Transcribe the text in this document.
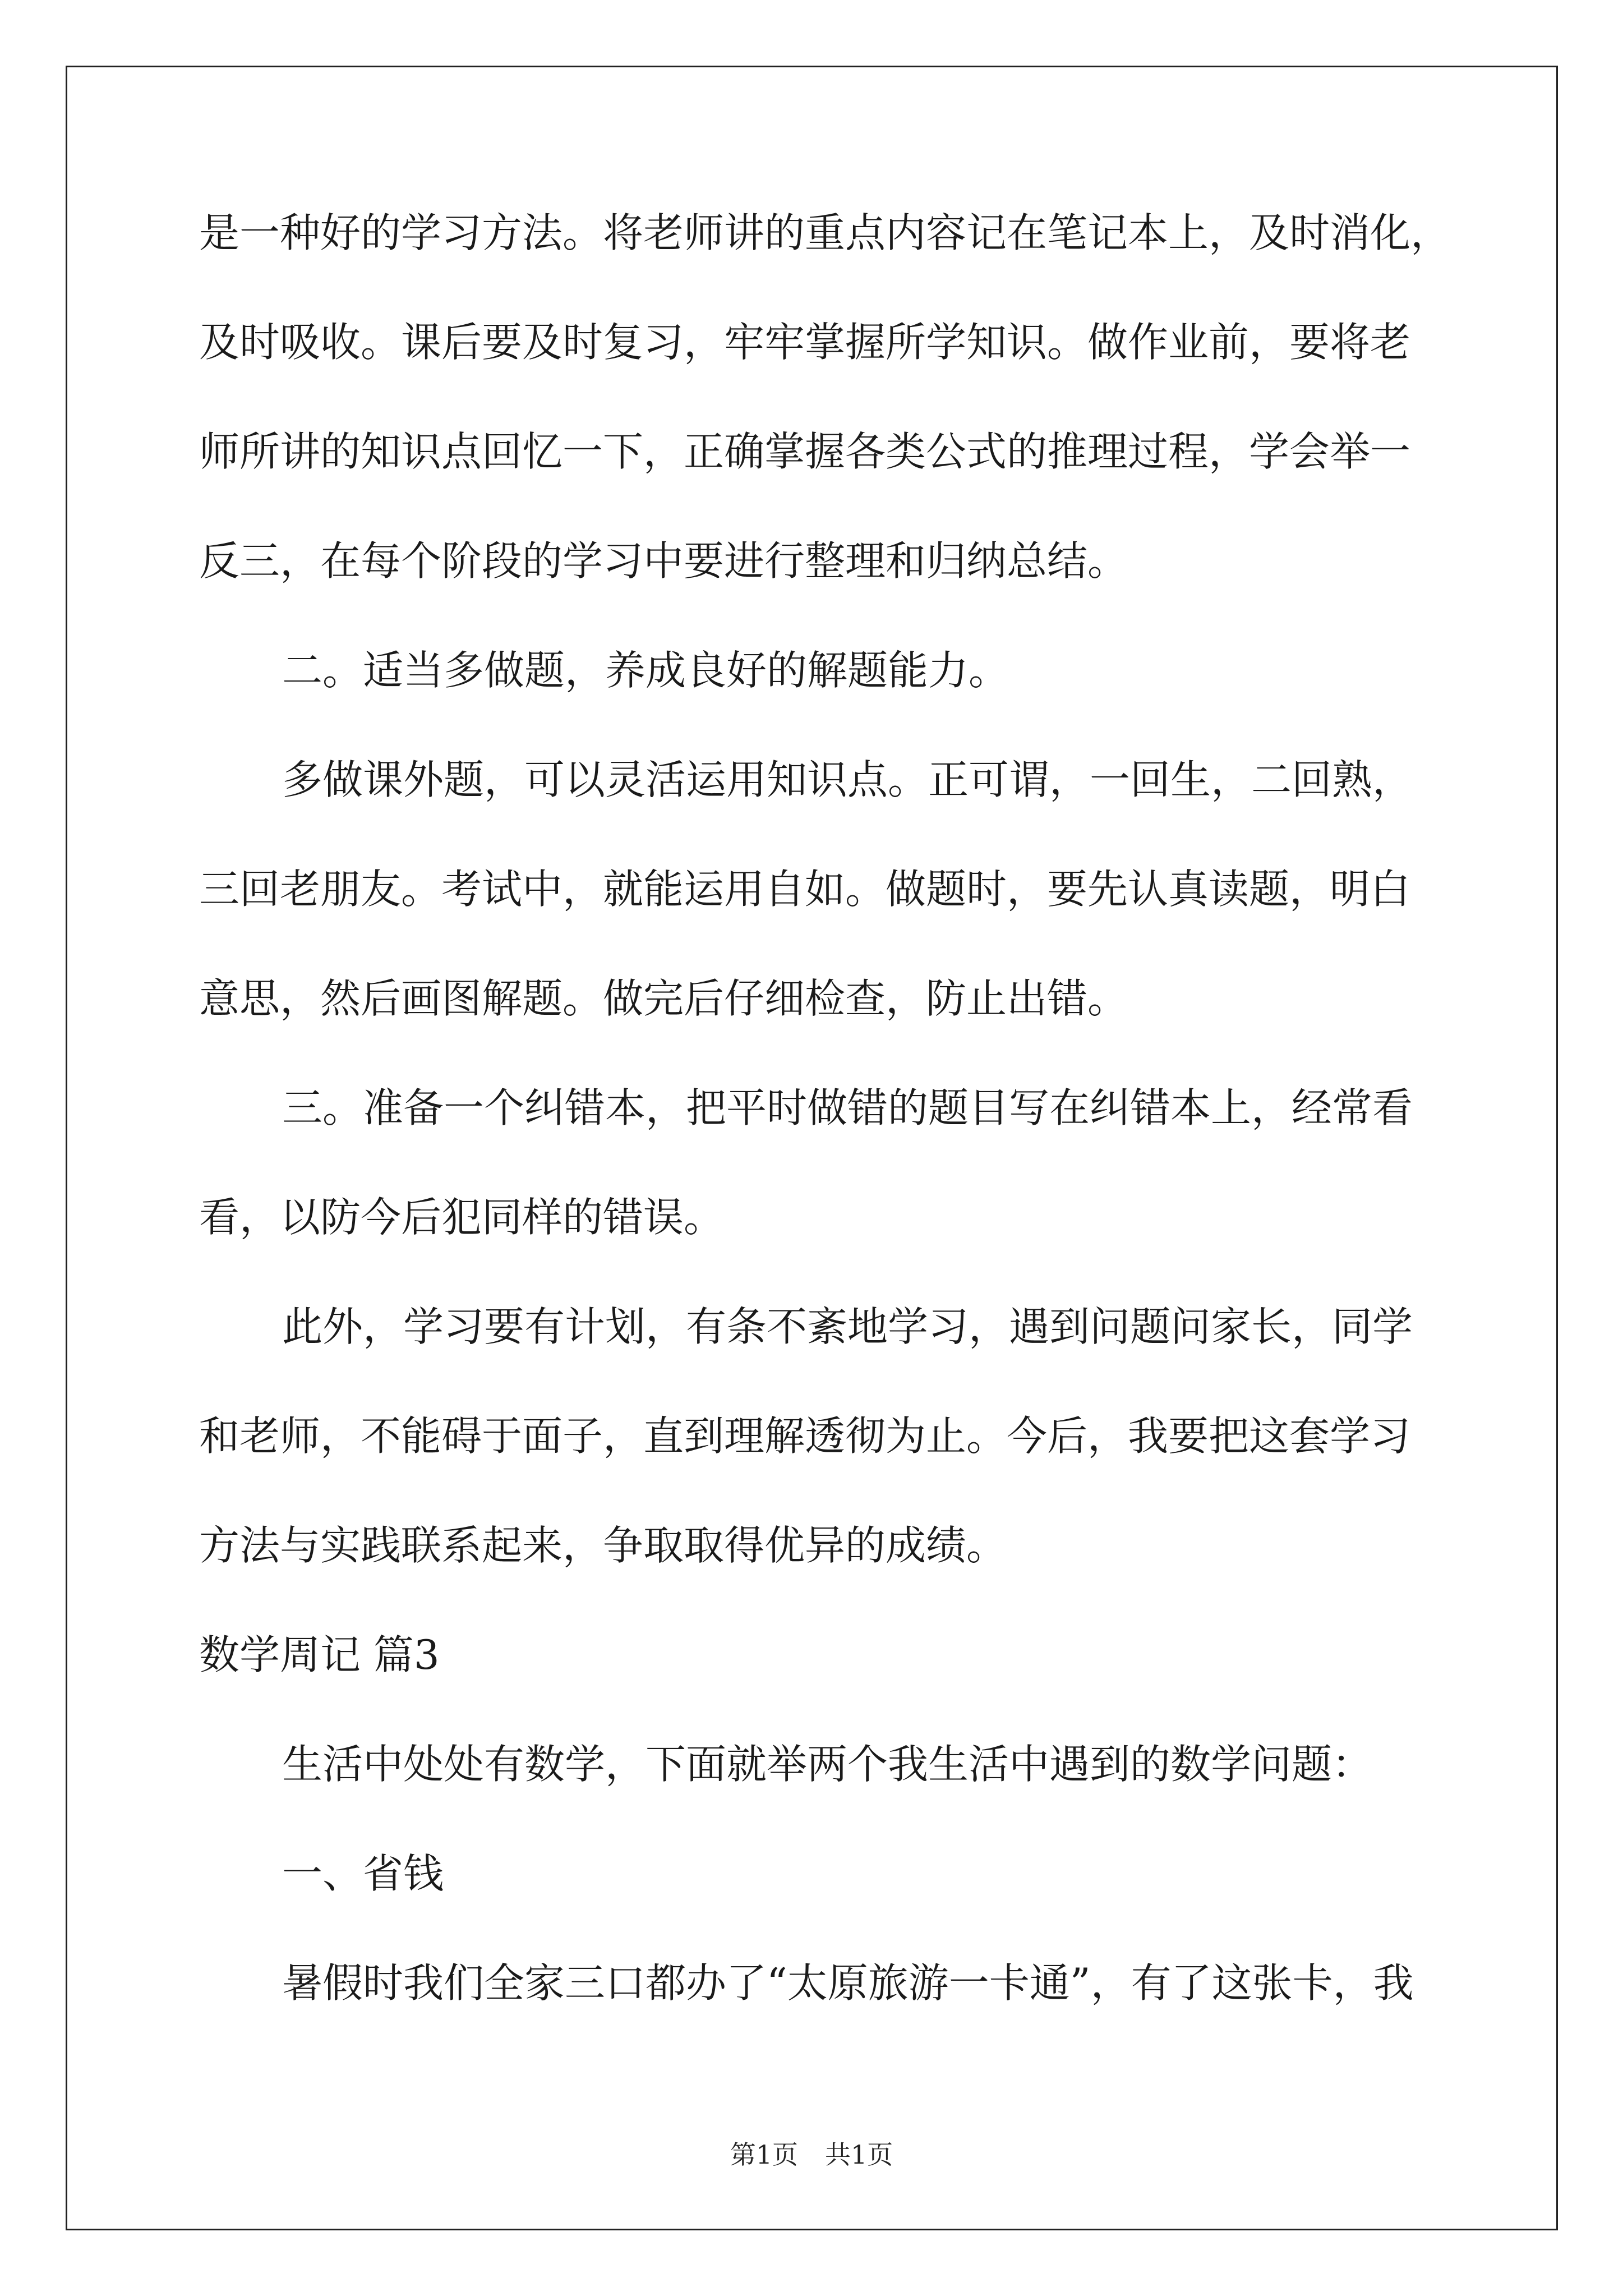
是一种好的学习方法。将老师讲的重点内容记在笔记本上，及时消化，
及时吸收。课后要及时复习，牢牢掌握所学知识。做作业前，要将老
师所讲的知识点回忆一下，正确掌握各类公式的推理过程，学会举一
反三，在每个阶段的学习中要进行整理和归纳总结。
二。适当多做题，养成良好的解题能力。
多做课外题，可以灵活运用知识点。正可谓，一回生，二回熟，
三回老朋友。考试中，就能运用自如。做题时，要先认真读题，明白
意思，然后画图解题。做完后仔细检查，防止出错。
三。准备一个纠错本，把平时做错的题目写在纠错本上，经常看
看，以防今后犯同样的错误。
此外，学习要有计划，有条不紊地学习，遇到问题问家长，同学
和老师，不能碍于面子，直到理解透彻为止。今后，我要把这套学习
方法与实践联系起来，争取取得优异的成绩。
数学周记 篇3
生活中处处有数学，下面就举两个我生活中遇到的数学问题：
一、省钱
暑假时我们全家三口都办了“太原旅游一卡通”，有了这张卡，我
第1页 共1页
